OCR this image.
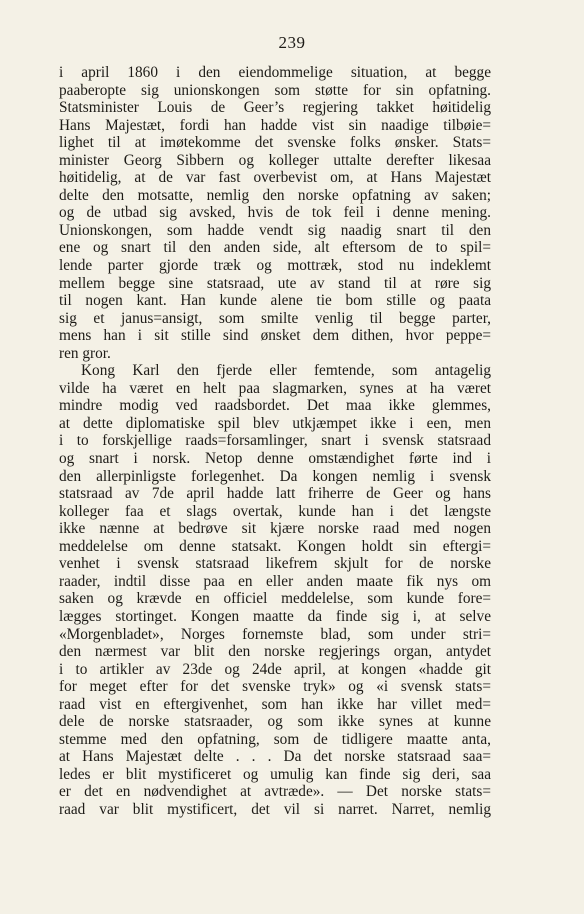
239
i april 1860 i den eiendommelige situation, at begge
paaberopte sig unionskongen som støtte for sin opfatning.
Statsminister Louis de Geer’s regjering takket høitidelig
Hans Majestæt, fordi han hadde vist sin naadige tilbøie=
lighet til at imøtekomme det svenske folks ønsker. Stats=
minister Georg Sibbern og kolleger uttalte derefter likesaa
høitidelig, at de var fast overbevist om, at Hans Majestæt
delte den motsatte, nemlig den norske opfatning av saken;
og de utbad sig avsked, hvis de tok feil i denne mening.
Unionskongen, som hadde vendt sig naadig snart til den
ene og snart til den anden side, alt eftersom de to spil=
lende parter gjorde træk og mottræk, stod nu indeklemt
mellem begge sine statsraad, ute av stand til at røre sig
til nogen kant. Han kunde alene tie bom stille og paata
sig et janus=ansigt, som smilte venlig til begge parter,
mens han i sit stille sind ønsket dem dithen, hvor peppe=
ren gror.
Kong Karl den fjerde eller femtende, som antagelig
vilde ha været en helt paa slagmarken, synes at ha været
mindre modig ved raadsbordet. Det maa ikke glemmes,
at dette diplomatiske spil blev utkjæmpet ikke i een, men
i to forskjellige raads=forsamlinger, snart i svensk statsraad
og snart i norsk. Netop denne omstændighet førte ind i
den allerpinligste forlegenhet. Da kongen nemlig i svensk
statsraad av 7de april hadde latt friherre de Geer og hans
kolleger faa et slags overtak, kunde han i det længste
ikke nænne at bedrøve sit kjære norske raad med nogen
meddelelse om denne statsakt. Kongen holdt sin eftergi=
venhet i svensk statsraad likefrem skjult for de norske
raader, indtil disse paa en eller anden maate fik nys om
saken og krævde en officiel meddelelse, som kunde fore=
lægges stortinget. Kongen maatte da finde sig i, at selve
«Morgenbladet», Norges fornemste blad, som under stri=
den nærmest var blit den norske regjerings organ, antydet
i to artikler av 23de og 24de april, at kongen «hadde git
for meget efter for det svenske tryk» og «i svensk stats=
raad vist en eftergivenhet, som han ikke har villet med=
dele de norske statsraader, og som ikke synes at kunne
stemme med den opfatning, som de tidligere maatte anta,
at Hans Majestæt delte . . . Da det norske statsraad saa=
ledes er blit mystificeret og umulig kan finde sig deri, saa
er det en nødvendighet at avtræde». — Det norske stats=
raad var blit mystificert, det vil si narret. Narret, nemlig
